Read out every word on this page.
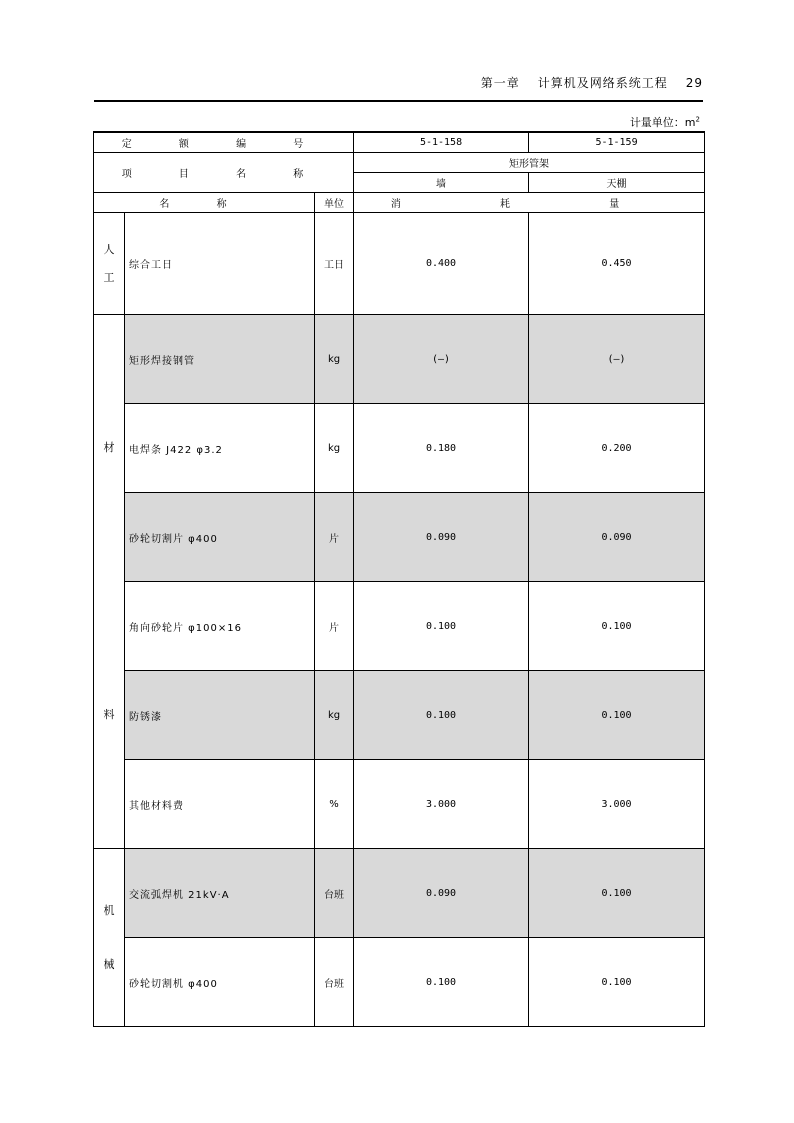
第一章 计算机及网络系统工程 29
计量单位：$m^2$
定 额 编 号			5-1-158	5-1-159
项 目 名 称			矩形管架	
			墙	天棚
名 称		单位	消 耗 量	

人

工	综合工日	工日	0.400	0.450

材
料	矩形焊接钢管	kg	(—)	(—)
	电焊条 J422 φ3.2	kg	0.180	0.200
	砂轮切割片 φ400	片	0.090	0.090
	角向砂轮片 φ100×16	片	0.100	0.100
	防锈漆	kg	0.100	0.100
	其他材料费	%	3.000	3.000

机
械	交流弧焊机 21kV·A	台班	0.090	0.100
	砂轮切割机 φ400	台班	0.100	0.100
